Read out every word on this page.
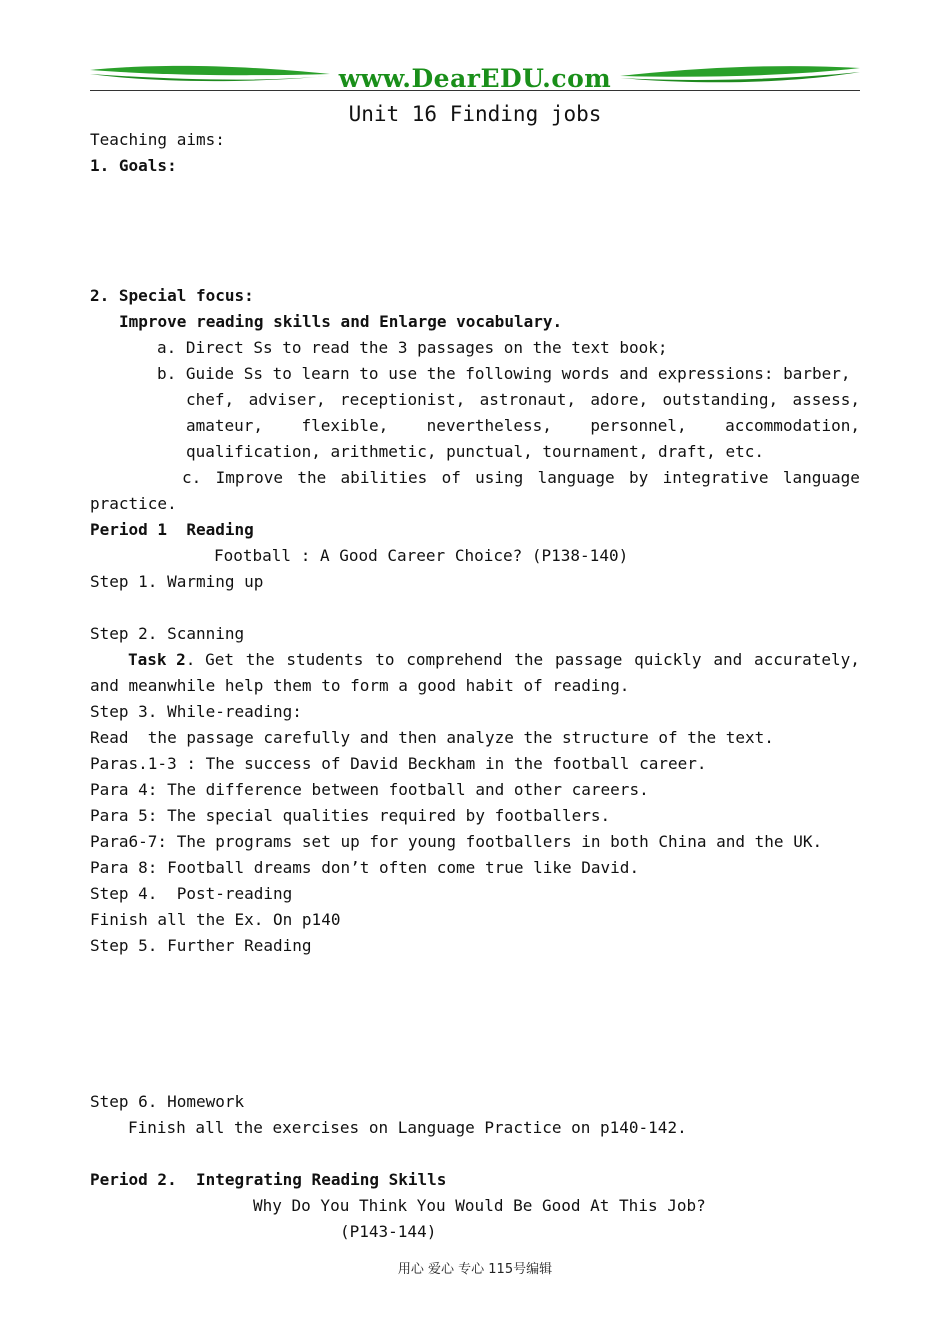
www.DearEDU.com
Unit 16 Finding jobs
Teaching aims:
1. Goals:

2. Special focus:
Improve reading skills and Enlarge vocabulary.
a. Direct Ss to read the 3 passages on the text book;
b. Guide Ss to learn to use the following words and expressions: barber,
chef, adviser, receptionist, astronaut, adore, outstanding, assess,
amateur, flexible, nevertheless, personnel, accommodation,
qualification, arithmetic, punctual, tournament, draft, etc.
c. Improve the abilities of using language by integrative language
practice.
Period 1  Reading
Football : A Good Career Choice? (P138-140)
Step 1. Warming up

Step 2. Scanning
Task 2 . Get the students to comprehend the passage quickly and accurately,
and meanwhile help them to form a good habit of reading.
Step 3. While-reading:
Read  the passage carefully and then analyze the structure of the text.
Paras.1-3 : The success of David Beckham in the football career.
Para 4: The difference between football and other careers.
Para 5: The special qualities required by footballers.
Para6-7: The programs set up for young footballers in both China and the UK.
Para 8: Football dreams don’t often come true like David.
Step 4.  Post-reading
Finish all the Ex. On p140
Step 5. Further Reading

Step 6. Homework
Finish all the exercises on Language Practice on p140-142.
Period 2.  Integrating Reading Skills
Why Do You Think You Would Be Good At This Job?
(P143-144)
用心 爱心 专心 115号编辑
